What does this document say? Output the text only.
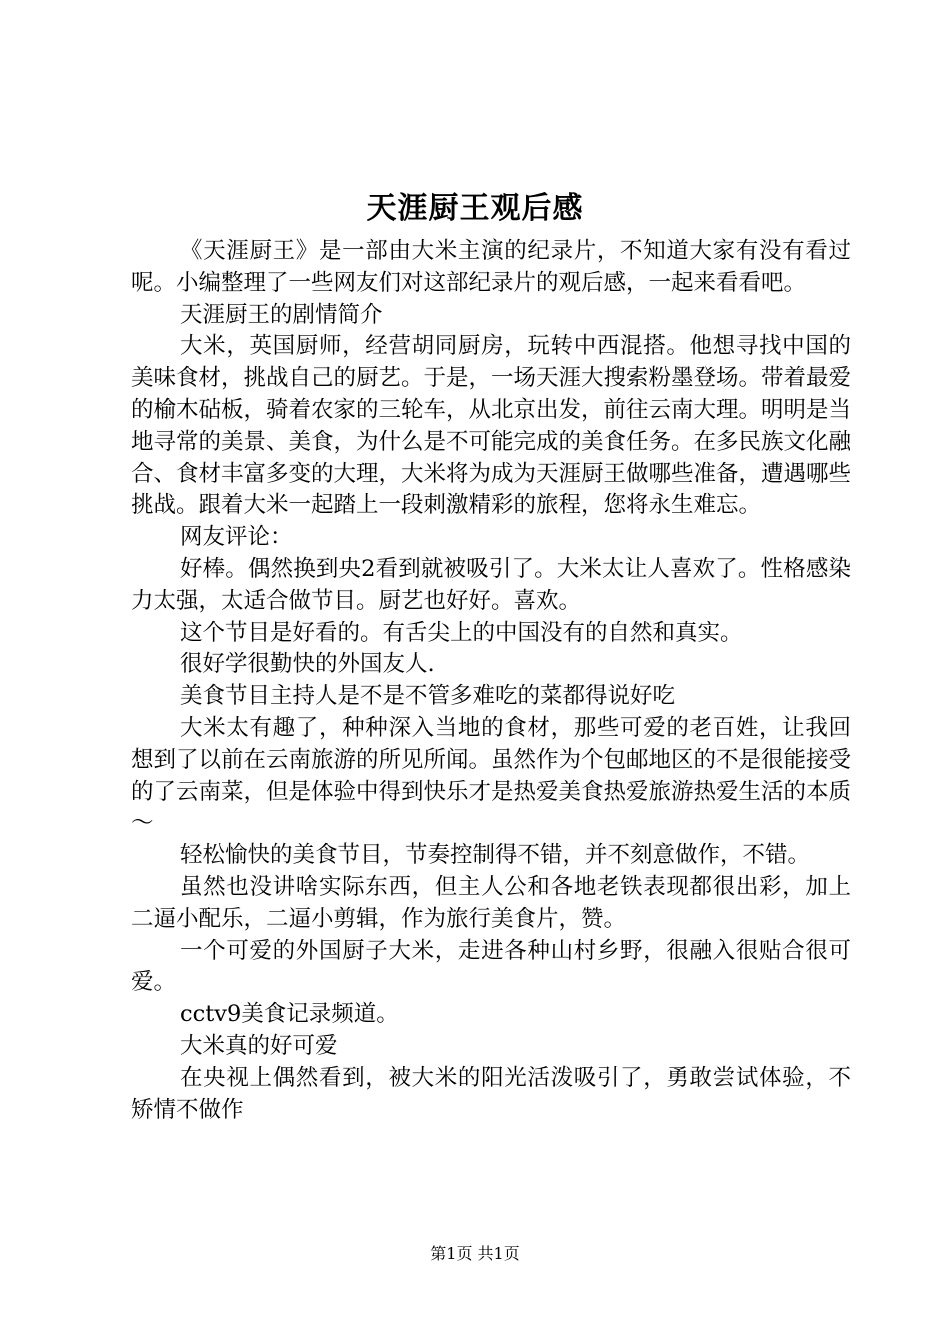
天涯厨王观后感

《天涯厨王》是一部由大米主演的纪录片，不知道大家有没有看过呢。小编整理了一些网友们对这部纪录片的观后感，一起来看看吧。

天涯厨王的剧情简介

大米，英国厨师，经营胡同厨房，玩转中西混搭。他想寻找中国的美味食材，挑战自己的厨艺。于是，一场天涯大搜索粉墨登场。带着最爱的榆木砧板，骑着农家的三轮车，从北京出发，前往云南大理。明明是当地寻常的美景、美食，为什么是不可能完成的美食任务。在多民族文化融合、食材丰富多变的大理，大米将为成为天涯厨王做哪些准备，遭遇哪些挑战。跟着大米一起踏上一段刺激精彩的旅程，您将永生难忘。

网友评论：

好棒。偶然换到央2看到就被吸引了。大米太让人喜欢了。性格感染力太强，太适合做节目。厨艺也好好。喜欢。

这个节目是好看的。有舌尖上的中国没有的自然和真实。

很好学很勤快的外国友人.

美食节目主持人是不是不管多难吃的菜都得说好吃

大米太有趣了，种种深入当地的食材，那些可爱的老百姓，让我回想到了以前在云南旅游的所见所闻。虽然作为个包邮地区的不是很能接受的了云南菜，但是体验中得到快乐才是热爱美食热爱旅游热爱生活的本质～

轻松愉快的美食节目，节奏控制得不错，并不刻意做作，不错。

虽然也没讲啥实际东西，但主人公和各地老铁表现都很出彩，加上二逼小配乐，二逼小剪辑，作为旅行美食片，赞。

一个可爱的外国厨子大米，走进各种山村乡野，很融入很贴合很可爱。

cctv9美食记录频道。

大米真的好可爱

在央视上偶然看到，被大米的阳光活泼吸引了，勇敢尝试体验，不矫情不做作

第1页 共1页
